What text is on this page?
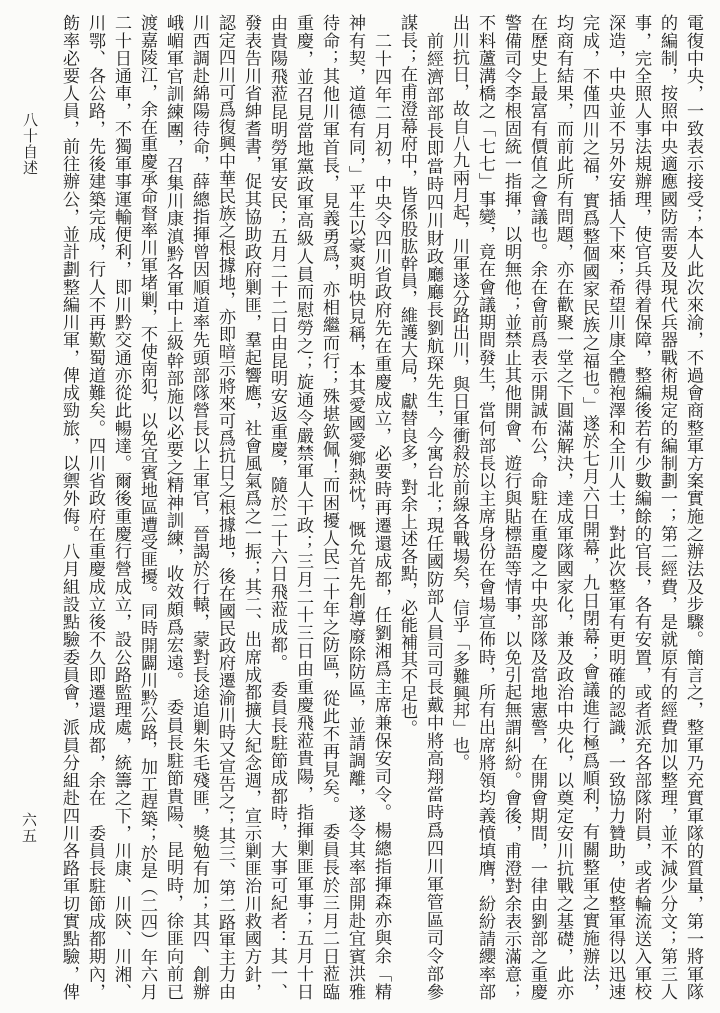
八十自述
六五	電復中央，一致表示接受；本人此次來渝，不過會商整軍方案實施之辦法及步驟。簡言之，整軍乃充實軍隊的質量，第一將軍隊
的編制，按照中央適應國防需要及現代兵器戰術規定的編制劃一；第二經費，是就原有的經費加以整理，並不減少分文；第三人
事，完全照人事法規辦理，使官兵得着保障，整編後若有少數編餘的官長，各有安置，或者派充各部隊附員，或者輪流送入軍校
深造，中央並不另外安插人下來；希望川康全體袍澤和全川人士，對此次整軍有更明確的認識，一致協力贊助，使整軍得以迅速
完成，不僅四川之福，實爲整個國家民族之福也。」遂於七月六日開幕，九日閉幕；會議進行極爲順利，有關整軍之實施辦法，
均商有結果，而前此所有問題，亦在歡聚一堂之下圓滿解決，達成軍隊國家化，兼及政治中央化，以奠定安川抗戰之基礎，此亦
在歷史上最富有價值之會議也。余在會前爲表示開誠布公，命駐在重慶之中央部隊及當地憲警，在開會期間，一律由劉部之重慶
警備司令李根固統一指揮，以明無他；並禁止其他開會、遊行與貼標語等情事，以免引起無謂糾紛。會後，甫澄對余表示滿意；
不料蘆溝橋之「七七」事變，竟在會議期間發生，當何部長以主席身份在會場宣佈時，所有出席將領均義憤填膺，紛紛請纓率部
出川抗日，故自八九兩月起，川軍遂分路出川，與日軍衝殺於前線各戰場矣，信乎「多難興邦」也。
　前經濟部部長即當時四川財政廳廳長劉航琛先生，今寓台北；現任國防部人員司司長戴中將高翔當時爲四川軍管區司令部參
謀長；在甫澄幕府中，皆係股肱幹員，維護大局，獻替良多，對余上述各點，必能補其不足也。
　二十四年二月初，中央令四川省政府先在重慶成立，必要時再遷還成都，任劉湘爲主席兼保安司令。楊總指揮森亦與余「精
神有契，道德有同，」平生以豪爽明快見稱，本其愛國愛鄉熱忱，慨允首先創導廢除防區，並請調離，遂令其率部開赴宜賓洪雅
待命；其他川軍首長，見義勇爲，亦相繼而行；殊堪欽佩！而困擾人民二十年之防區，從此不再見矣。　委員長於三月二日蒞臨
重慶，並召見當地黨政軍高級人員而慰勞之；旋通令嚴禁軍人干政；三月二十三日由重慶飛蒞貴陽，指揮剿匪軍事；五月十日
由貴陽飛蒞昆明勞軍安民；五月二十二日由昆明安返重慶，隨於二十六日飛蒞成都。　委員長駐節成都時，大事可紀者：其一、
發表告川省紳耆書，促其協助政府剿匪，羣起響應，社會風氣爲之一振；其二、出席成都擴大紀念週，宣示剿匪治川救國方針，
認定四川可爲復興中華民族之根據地，亦即暗示將來可爲抗日之根據地，後在國民政府遷渝川時又宣告之；其三、第二路軍主力由
川西調赴綿陽待命，薛總指揮曾因順道率先頭部隊營長以上軍官，晉謁於行轅，蒙對長途追剿朱毛殘匪，獎勉有加；其四、創辦
峨嵋軍官訓練團，召集川康滇黔各軍中上級幹部施以必要之精神訓練，收效頗爲宏遠。　委員長駐節貴陽、昆明時，徐匪向前已
渡嘉陵江，余在重慶承命督率川軍堵剿，不使南犯，以免宜賓地區遭受匪擾。同時開闢川黔公路，加工趕築；於是（二四）年六月
二十日通車，不獨軍事運輸便利，即川黔交通亦從此暢達。爾後重慶行營成立，設公路監理處，統籌之下，川康、川陝、川湘、
川鄂、各公路，先後建築完成，行人不再歎蜀道難矣。四川省政府在重慶成立後不久即遷還成都，余在　委員長駐節成都期內，
飭率必要人員，前往辦公，並計劃整編川軍，俾成勁旅，以禦外侮。八月組設點驗委員會，派員分組赴四川各路軍切實點驗，俾
